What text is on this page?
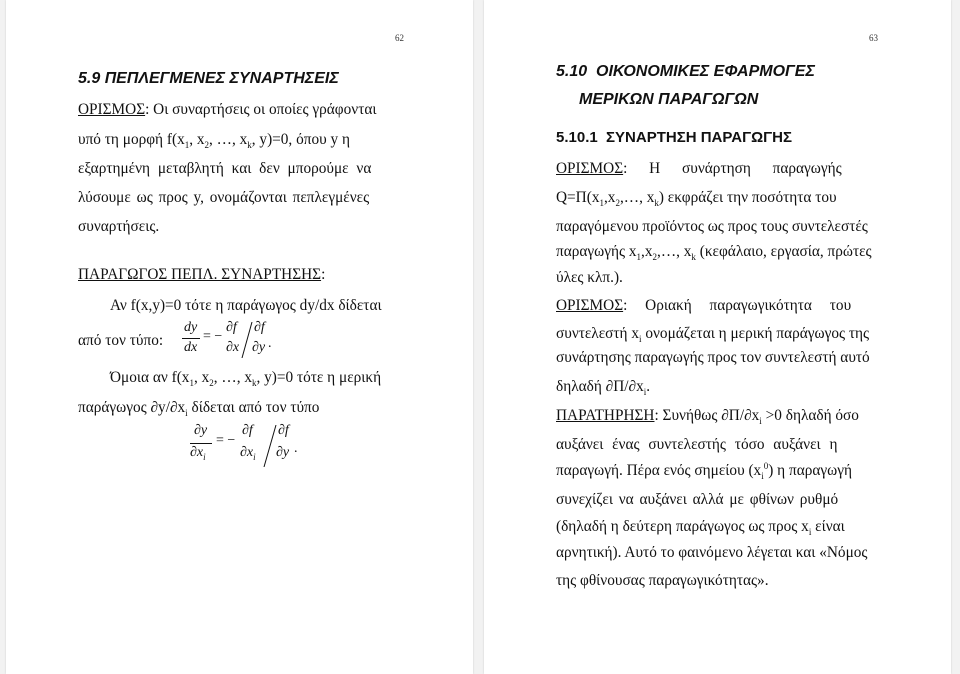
62
5.9 ΠΕΠΛΕΓΜΕΝΕΣ ΣΥΝΑΡΤΗΣΕΙΣ
ΟΡΙΣΜΟΣ: Οι συναρτήσεις οι οποίες γράφονται
υπό τη μορφή $f(x_1$, $x_2$, …, $x_k$, y)=0, όπου y η
εξαρτημένη μεταβλητή και δεν μπορούμε να
λύσουμε ως προς y, ονομάζονται πεπλεγμένες
συναρτήσεις.
ΠΑΡΑΓΩΓΟΣ ΠΕΠΛ. ΣΥΝΑΡΤΗΣΗΣ:
Αν f(x,y)=0 τότε η παράγωγος dy/dx δίδεται
από τον τύπο:
dy
dx
= −
∂f
∂x
∂f
∂y .
Όμοια αν $f(x_1$, $x_2$, …, $x_k$, y)=0 τότε η μερική
παράγωγος $\partial y/\partial x_i$ δίδεται από τον τύπο
∂y
$\partial x_i$
= −
∂f
$\partial x_i$
∂f
∂y .
63
5.10  ΟΙΚΟΝΟΜΙΚΕΣ ΕΦΑΡΜΟΓΕΣ
ΜΕΡΙΚΩΝ ΠΑΡΑΓΩΓΩΝ
5.10.1  ΣΥΝΑΡΤΗΣΗ ΠΑΡΑΓΩΓΗΣ
ΟΡΙΣΜΟΣ: Η συνάρτηση παραγωγής
$Q=\Pi(x_1,x_2,\dots$, $x_k$) εκφράζει την ποσότητα του
παραγόμενου προϊόντος ως προς τους συντελεστές
παραγωγής $x_1,x_2,\dots$, $x_k$ (κεφάλαιο, εργασία, πρώτες
ύλες κλπ.).
ΟΡΙΣΜΟΣ: Οριακή παραγωγικότητα του
συντελεστή $x_i$ ονομάζεται η μερική παράγωγος της
συνάρτησης παραγωγής προς τον συντελεστή αυτό
δηλαδή $\partial\Pi/\partial x_i$.
ΠΑΡΑΤΗΡΗΣΗ: Συνήθως $\partial\Pi/\partial x_i >0$ δηλαδή όσο
αυξάνει ένας συντελεστής τόσο αυξάνει η
παραγωγή. Πέρα ενός σημείου $(x_i^0)$ η παραγωγή
συνεχίζει να αυξάνει αλλά με φθίνων ρυθμό
(δηλαδή η δεύτερη παράγωγος ως προς $x_i$ είναι
αρνητική). Αυτό το φαινόμενο λέγεται και «Νόμος
της φθίνουσας παραγωγικότητας».
